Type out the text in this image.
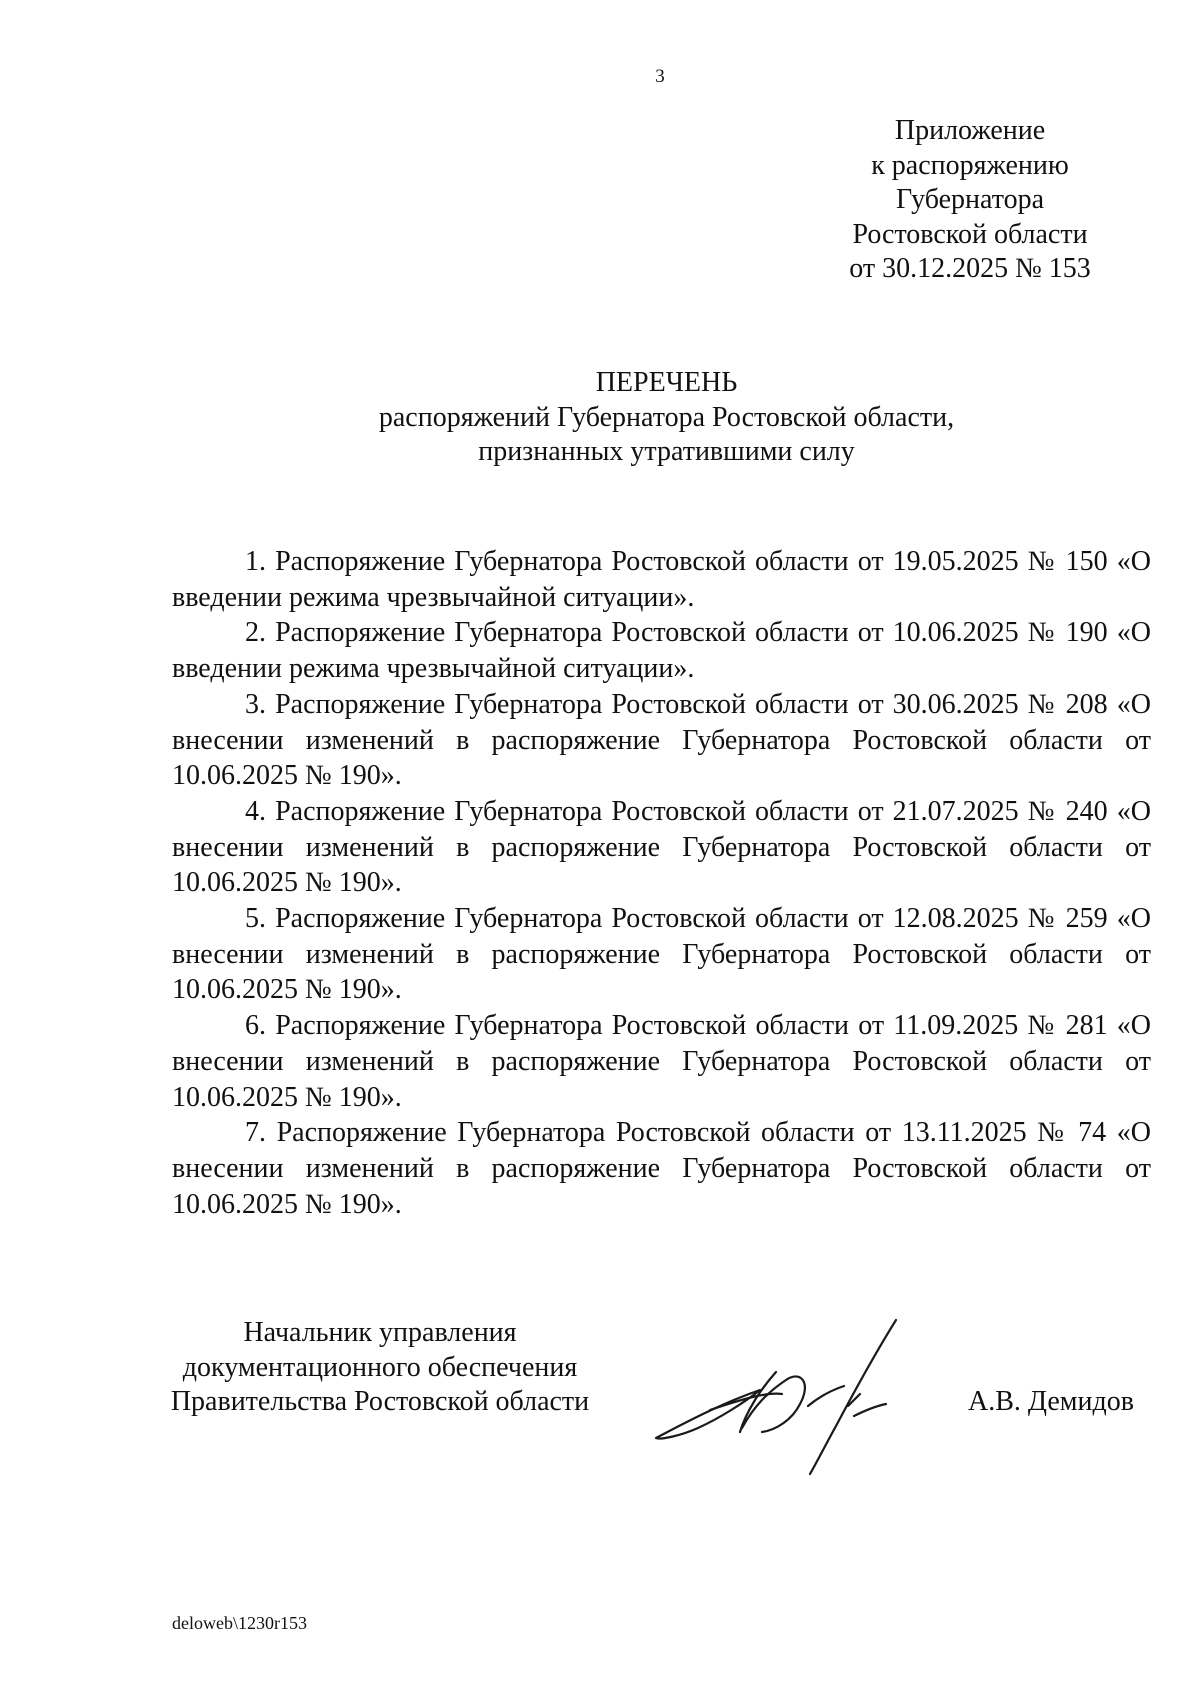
3
Приложение
к распоряжению
Губернатора
Ростовской области
от 30.12.2025 № 153
ПЕРЕЧЕНЬ
распоряжений Губернатора Ростовской области,
признанных утратившими силу

1. Распоряжение Губернатора Ростовской области от 19.05.2025 № 150 «О введении режима чрезвычайной ситуации».

2. Распоряжение Губернатора Ростовской области от 10.06.2025 № 190 «О введении режима чрезвычайной ситуации».

3. Распоряжение Губернатора Ростовской области от 30.06.2025 № 208 «О внесении изменений в распоряжение Губернатора Ростовской области от 10.06.2025 № 190».

4. Распоряжение Губернатора Ростовской области от 21.07.2025 № 240 «О внесении изменений в распоряжение Губернатора Ростовской области от 10.06.2025 № 190».

5. Распоряжение Губернатора Ростовской области от 12.08.2025 № 259 «О внесении изменений в распоряжение Губернатора Ростовской области от 10.06.2025 № 190».

6. Распоряжение Губернатора Ростовской области от 11.09.2025 № 281 «О внесении изменений в распоряжение Губернатора Ростовской области от 10.06.2025 № 190».

7. Распоряжение Губернатора Ростовской области от 13.11.2025 № 74 «О внесении изменений в распоряжение Губернатора Ростовской области от 10.06.2025 № 190».

Начальник управления
документационного обеспечения
Правительства Ростовской области	А.В. Демидов
deloweb\1230r153
